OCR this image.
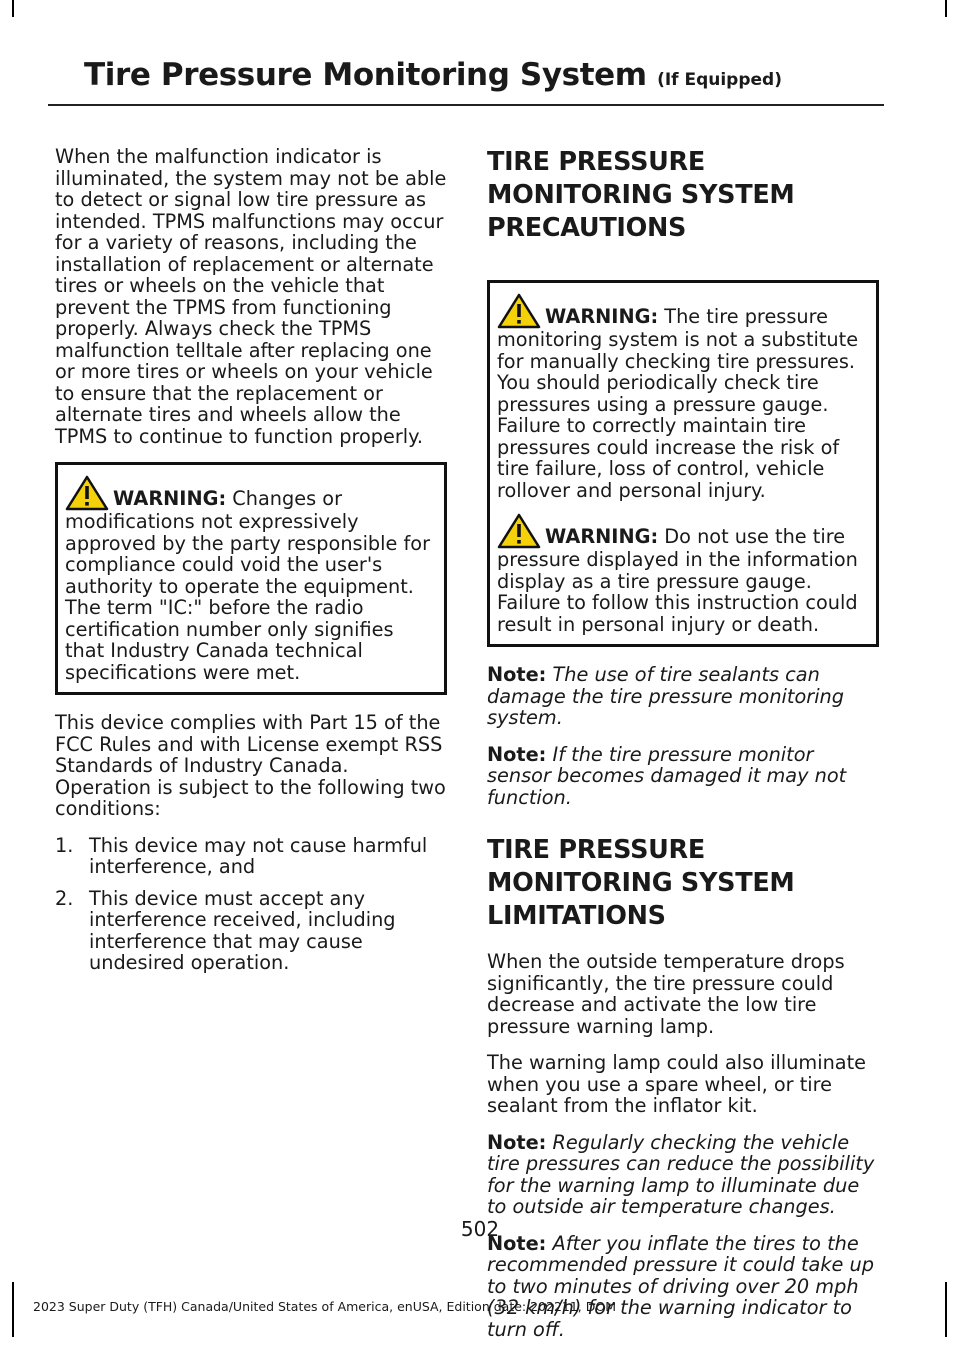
Tire Pressure Monitoring System (If Equipped)

When the malfunction indicator is illuminated, the system may not be able to detect or signal low tire pressure as intended. TPMS malfunctions may occur for a variety of reasons, including the installation of replacement or alternate tires or wheels on the vehicle that prevent the TPMS from functioning properly. Always check the TPMS malfunction telltale after replacing one or more tires or wheels on your vehicle to ensure that the replacement or alternate tires and wheels allow the TPMS to continue to function properly.

WARNING: Changes or modifications not expressively approved by the party responsible for compliance could void the user's authority to operate the equipment. The term "IC:" before the radio certification number only signifies that Industry Canada technical specifications were met.

This device complies with Part 15 of the FCC Rules and with License exempt RSS Standards of Industry Canada. Operation is subject to the following two conditions:

1. This device may not cause harmful interference, and
2. This device must accept any interference received, including interference that may cause undesired operation.
TIRE PRESSURE MONITORING SYSTEM PRECAUTIONS

WARNING: The tire pressure monitoring system is not a substitute for manually checking tire pressures. You should periodically check tire pressures using a pressure gauge. Failure to correctly maintain tire pressures could increase the risk of tire failure, loss of control, vehicle rollover and personal injury.

WARNING: Do not use the tire pressure displayed in the information display as a tire pressure gauge. Failure to follow this instruction could result in personal injury or death.

Note: The use of tire sealants can damage the tire pressure monitoring system.

Note: If the tire pressure monitor sensor becomes damaged it may not function.

TIRE PRESSURE MONITORING SYSTEM LIMITATIONS

When the outside temperature drops significantly, the tire pressure could decrease and activate the low tire pressure warning lamp.

The warning lamp could also illuminate when you use a spare wheel, or tire sealant from the inflator kit.

Note: Regularly checking the vehicle tire pressures can reduce the possibility for the warning lamp to illuminate due to outside air temperature changes.

Note: After you inflate the tires to the recommended pressure it could take up to two minutes of driving over 20 mph (32 km/h) for the warning indicator to turn off.

502
2023 Super Duty (TFH) Canada/United States of America, enUSA, Edition date: 202211, DOM
